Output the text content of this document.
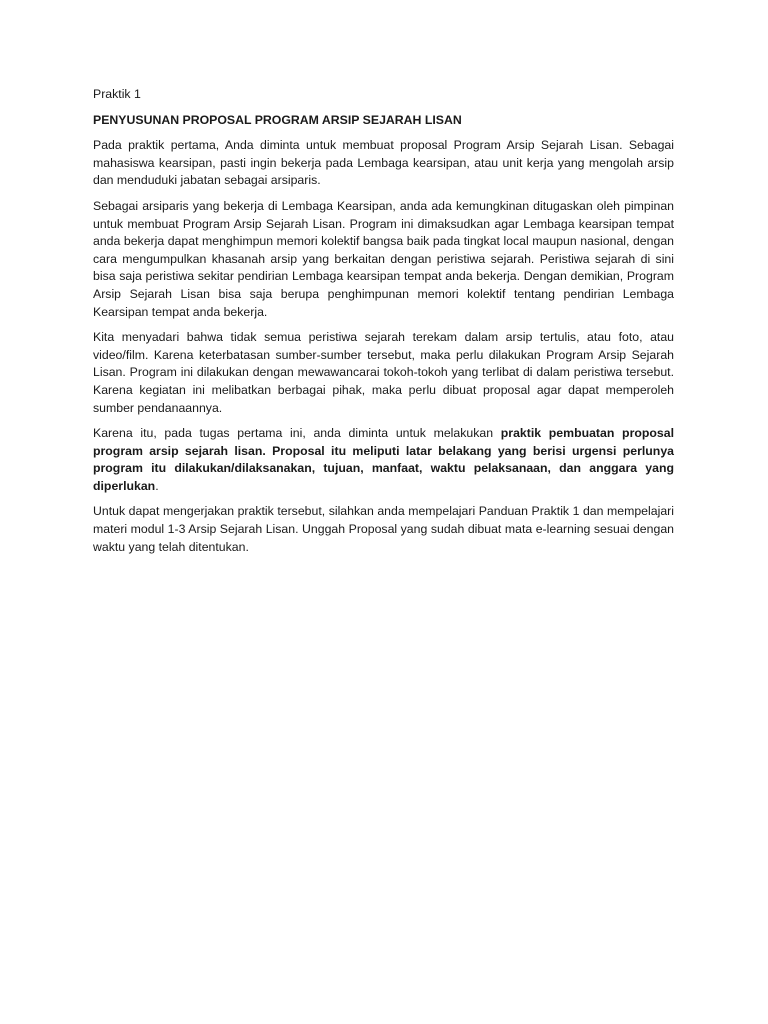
Praktik 1

PENYUSUNAN PROPOSAL PROGRAM ARSIP SEJARAH LISAN

Pada praktik pertama, Anda diminta untuk membuat proposal Program Arsip Sejarah Lisan. Sebagai mahasiswa kearsipan, pasti ingin bekerja pada Lembaga kearsipan, atau unit kerja yang mengolah arsip dan menduduki jabatan sebagai arsiparis.

Sebagai arsiparis yang bekerja di Lembaga Kearsipan, anda ada kemungkinan ditugaskan oleh pimpinan untuk membuat Program Arsip Sejarah Lisan. Program ini dimaksudkan agar Lembaga kearsipan tempat anda bekerja dapat menghimpun memori kolektif bangsa baik pada tingkat local maupun nasional, dengan cara mengumpulkan khasanah arsip yang berkaitan dengan peristiwa sejarah. Peristiwa sejarah di sini bisa saja peristiwa sekitar pendirian Lembaga kearsipan tempat anda bekerja. Dengan demikian, Program Arsip Sejarah Lisan bisa saja berupa penghimpunan memori kolektif tentang pendirian Lembaga Kearsipan tempat anda bekerja.

Kita menyadari bahwa tidak semua peristiwa sejarah terekam dalam arsip tertulis, atau foto, atau video/film. Karena keterbatasan sumber-sumber tersebut, maka perlu dilakukan Program Arsip Sejarah Lisan. Program ini dilakukan dengan mewawancarai tokoh-tokoh yang terlibat di dalam peristiwa tersebut. Karena kegiatan ini melibatkan berbagai pihak, maka perlu dibuat proposal agar dapat memperoleh sumber pendanaannya.

Karena itu, pada tugas pertama ini, anda diminta untuk melakukan praktik pembuatan proposal program arsip sejarah lisan. Proposal itu meliputi latar belakang yang berisi urgensi perlunya program itu dilakukan/dilaksanakan, tujuan, manfaat, waktu pelaksanaan, dan anggara yang diperlukan.

Untuk dapat mengerjakan praktik tersebut, silahkan anda mempelajari Panduan Praktik 1 dan mempelajari materi modul 1-3 Arsip Sejarah Lisan. Unggah Proposal yang sudah dibuat mata e-learning sesuai dengan waktu yang telah ditentukan.
